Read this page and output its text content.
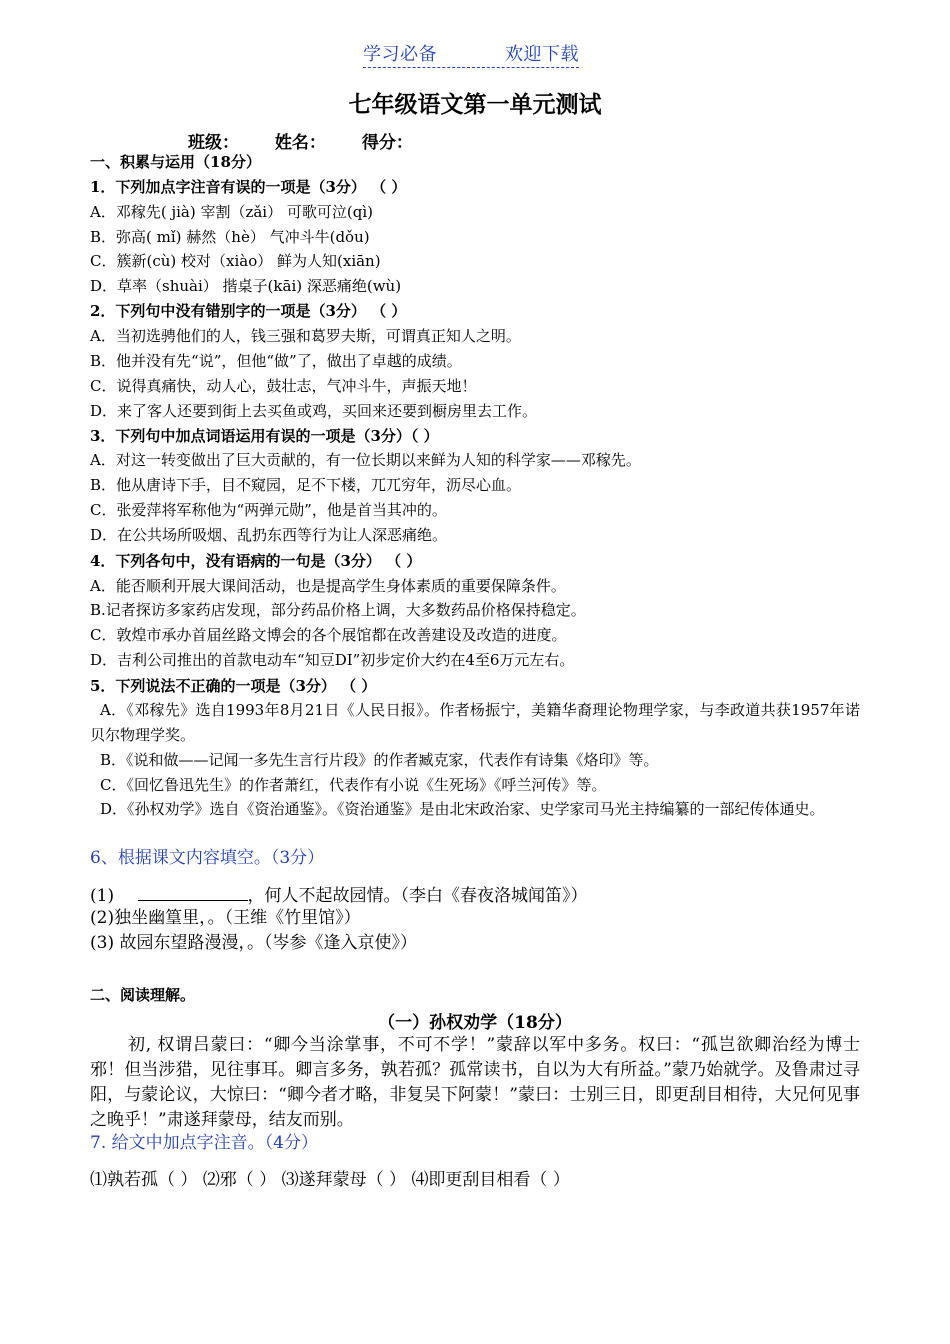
学习必备	欢迎下载
七年级语文第一单元测试
班级： 姓名： 得分：
一、积累与运用（18分）
1．下列加点字注音有误的一项是（3分） （ ）
A．邓稼先( jià) 宰割（zǎi） 可歌可泣(qì)
B．弥高( mǐ) 赫然（hè） 气冲斗牛(dǒu)
C．簇新(cù) 校对（xiào） 鲜为人知(xiān)
D．草率（shuài） 揩桌子(kāi) 深恶痛绝(wù)
2．下列句中没有错别字的一项是（3分） （ ）
A．当初选骋他们的人，钱三强和葛罗夫斯，可谓真正知人之明。
B．他并没有先“说”，但他“做”了，做出了卓越的成绩。
C．说得真痛快，动人心，鼓壮志，气冲斗牛，声振天地！
D．来了客人还要到街上去买鱼或鸡，买回来还要到橱房里去工作。
3．下列句中加点词语运用有误的一项是（3分）（ ）
A．对这一转变做出了巨大贡献的，有一位长期以来鲜为人知的科学家——邓稼先。
B．他从唐诗下手，目不窥园，足不下楼，兀兀穷年，沥尽心血。
C．张爱萍将军称他为“两弹元勋”，他是首当其冲的。
D．在公共场所吸烟、乱扔东西等行为让人深恶痛绝。
4．下列各句中，没有语病的一句是（3分） （ ）
A．能否顺利开展大课间活动，也是提高学生身体素质的重要保障条件。
B.记者探访多家药店发现，部分药品价格上调，大多数药品价格保持稳定。
C．敦煌市承办首届丝路文博会的各个展馆都在改善建设及改造的进度。
D．吉利公司推出的首款电动车“知豆DI”初步定价大约在4至6万元左右。
5．下列说法不正确的一项是（3分） （ ）
A．《邓稼先》选自1993年8月21日《人民日报》。作者杨振宁，美籍华裔理论物理学家，与李政道共获1957年诺贝尔物理学奖。
B．《说和做——记闻一多先生言行片段》的作者臧克家，代表作有诗集《烙印》等。
C．《回忆鲁迅先生》的作者萧红，代表作有小说《生死场》《呼兰河传》等。
D．《孙权劝学》选自《资治通鉴》。《资治通鉴》是由北宋政治家、史学家司马光主持编纂的一部纪传体通史。
6、根据课文内容填空。（3分）
(1)	，何人不起故园情。（李白《春夜洛城闻笛》）
(2)独坐幽篁里，。（王维《竹里馆》）
(3) 故园东望路漫漫，。（岑参《逢入京使》）
二、阅读理解。
（一）孙权劝学（18分）
初, 权谓吕蒙曰：“卿今当涂掌事，不可不学！”蒙辞以军中多务。权曰：“孤岂欲卿治经为博士邪！但当涉猎，见往事耳。卿言多务，孰若孤？孤常读书，自以为大有所益。”蒙乃始就学。及鲁肃过寻阳，与蒙论议，大惊曰：“卿今者才略，非复吴下阿蒙！”蒙曰：士别三日，即更刮目相待，大兄何见事之晚乎！”肃遂拜蒙母，结友而别。
7. 给文中加点字注音。（4分）
⑴孰若孤（ ） ⑵邪（ ） ⑶遂拜蒙母（ ） ⑷即更刮目相看（ ）
